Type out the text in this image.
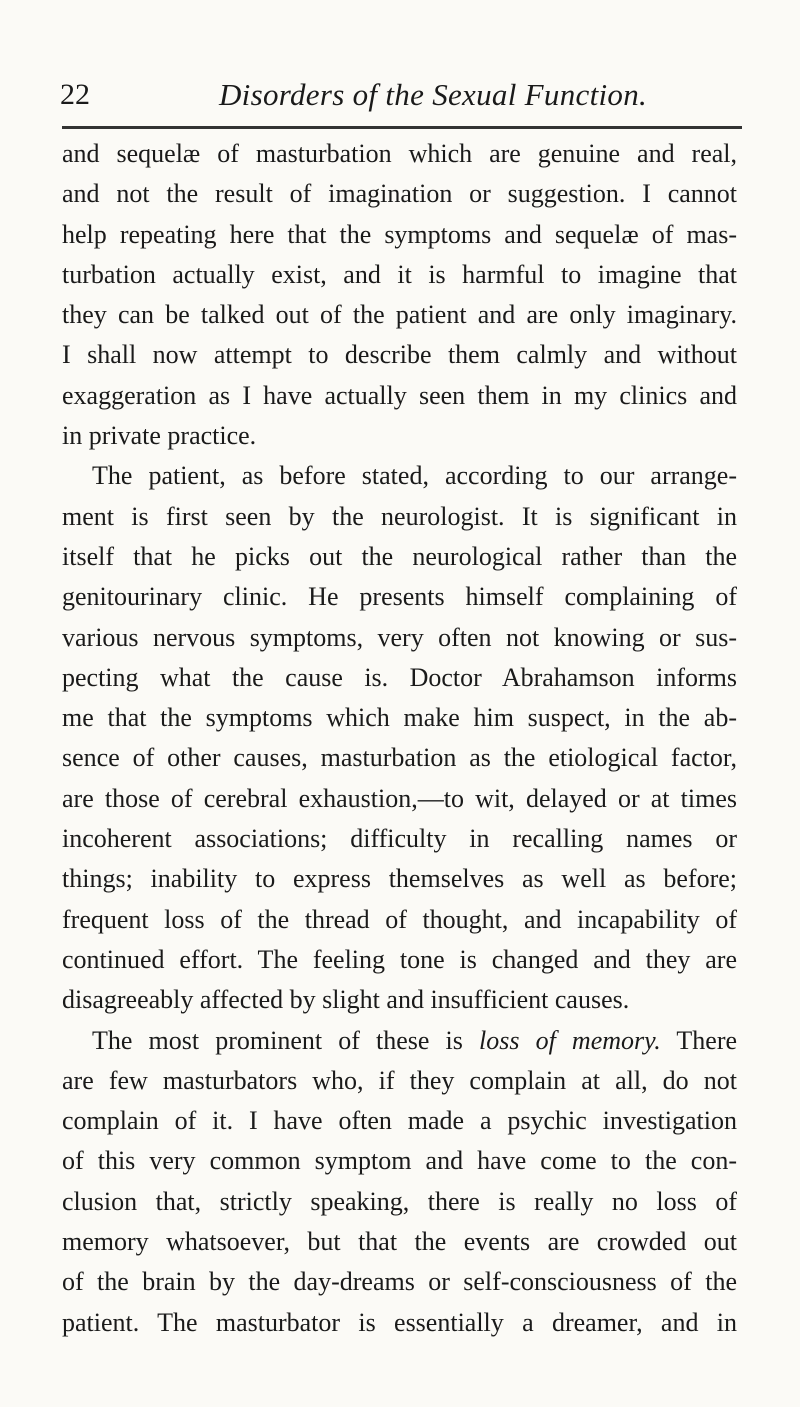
22	Disorders of the Sexual Function.
and sequelæ of masturbation which are genuine and real,
and not the result of imagination or suggestion. I cannot
help repeating here that the symptoms and sequelæ of mas-
turbation actually exist, and it is harmful to imagine that
they can be talked out of the patient and are only imaginary.
I shall now attempt to describe them calmly and without
exaggeration as I have actually seen them in my clinics and
in private practice.
The patient, as before stated, according to our arrange-
ment is first seen by the neurologist. It is significant in
itself that he picks out the neurological rather than the
genitourinary clinic. He presents himself complaining of
various nervous symptoms, very often not knowing or sus-
pecting what the cause is. Doctor Abrahamson informs
me that the symptoms which make him suspect, in the ab-
sence of other causes, masturbation as the etiological factor,
are those of cerebral exhaustion,—to wit, delayed or at times
incoherent associations; difficulty in recalling names or
things; inability to express themselves as well as before;
frequent loss of the thread of thought, and incapability of
continued effort. The feeling tone is changed and they are
disagreeably affected by slight and insufficient causes.
The most prominent of these is loss of memory. There
are few masturbators who, if they complain at all, do not
complain of it. I have often made a psychic investigation
of this very common symptom and have come to the con-
clusion that, strictly speaking, there is really no loss of
memory whatsoever, but that the events are crowded out
of the brain by the day-dreams or self-consciousness of the
patient. The masturbator is essentially a dreamer, and in
